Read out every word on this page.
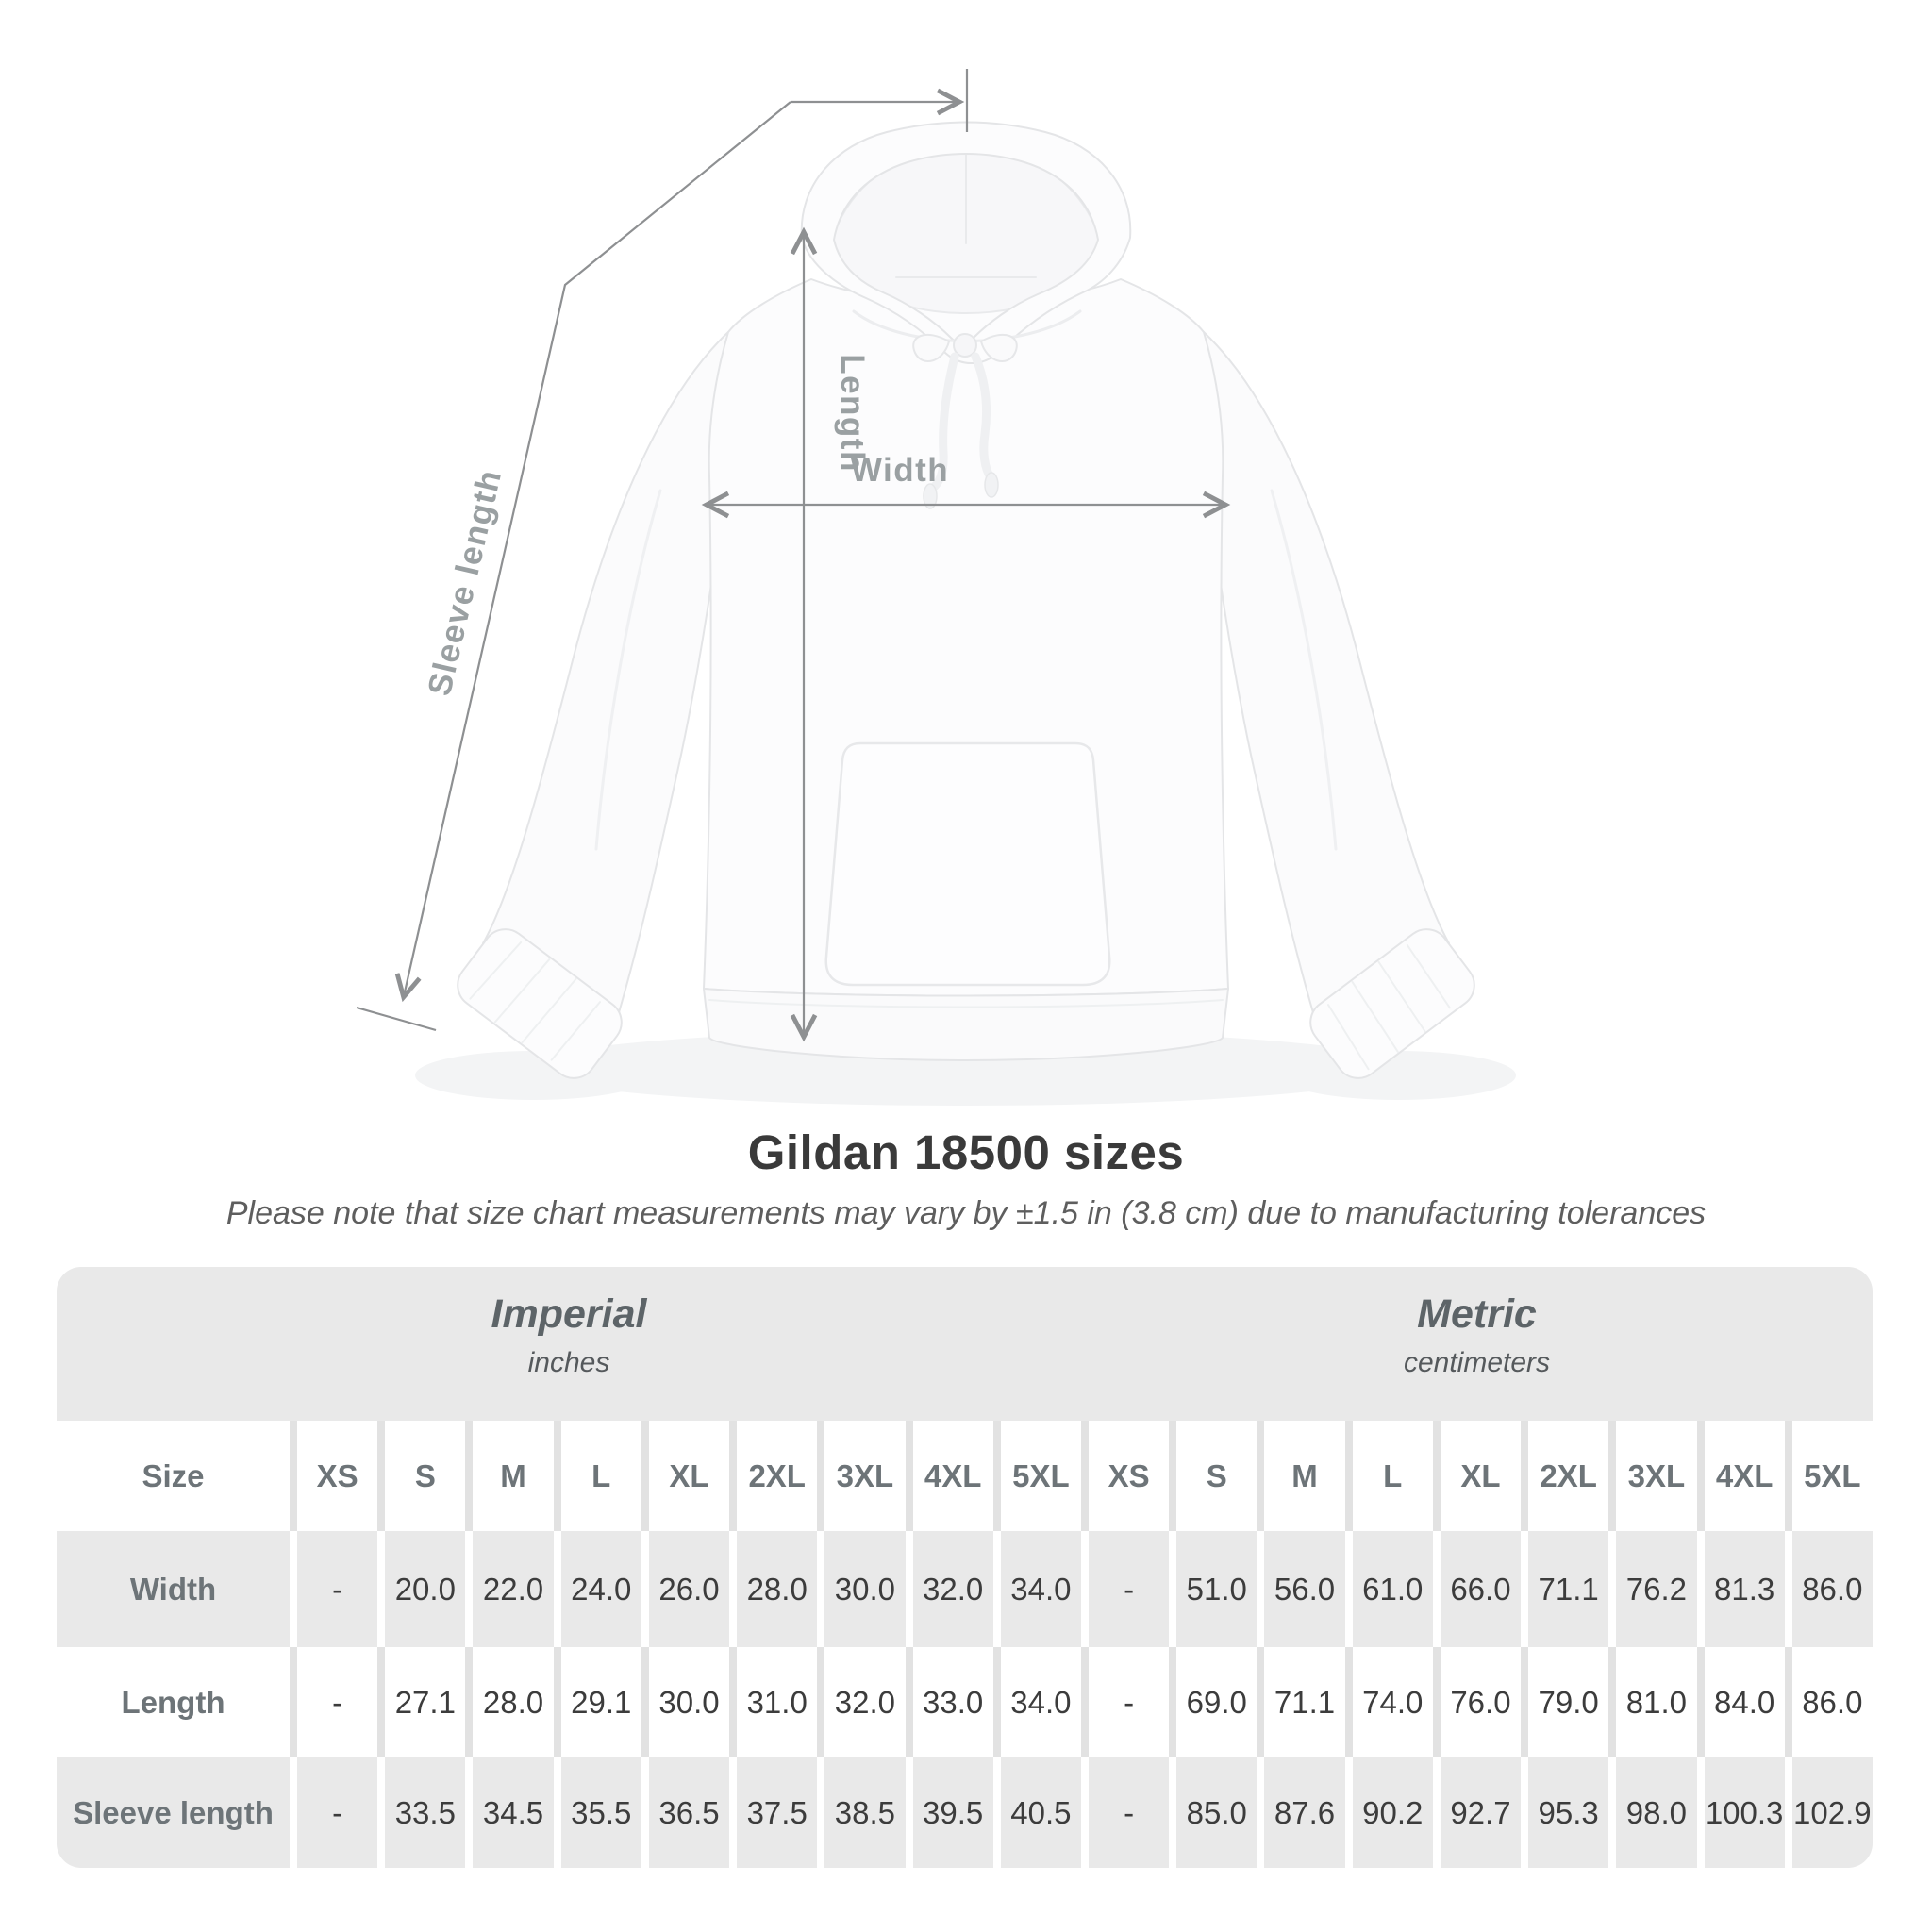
Sleeve length
Length
Width
Gildan 18500 sizes

Please note that size chart measurements may vary by ±1.5 in (3.8 cm) due to manufacturing tolerances

Imperial
inches
Metric
centimeters
Size	XS	S	M	L	XL	2XL 3XL 4XL 5XL	XS	S	M	L	XL	2XL 3XL 4XL 5XL
Width	-	20.0 22.0 24.0 26.0 28.0 30.0 32.0 34.0	-	51.0 56.0 61.0 66.0 71.1 76.2 81.3 86.0
Length	-	27.1 28.0 29.1 30.0 31.0 32.0 33.0 34.0	-	69.0 71.1 74.0 76.0 79.0 81.0 84.0 86.0
Sleeve length	-	33.5 34.5 35.5 36.5 37.5 38.5 39.5 40.5	-	85.0 87.6 90.2 92.7 95.3 98.0 100.3 102.9
